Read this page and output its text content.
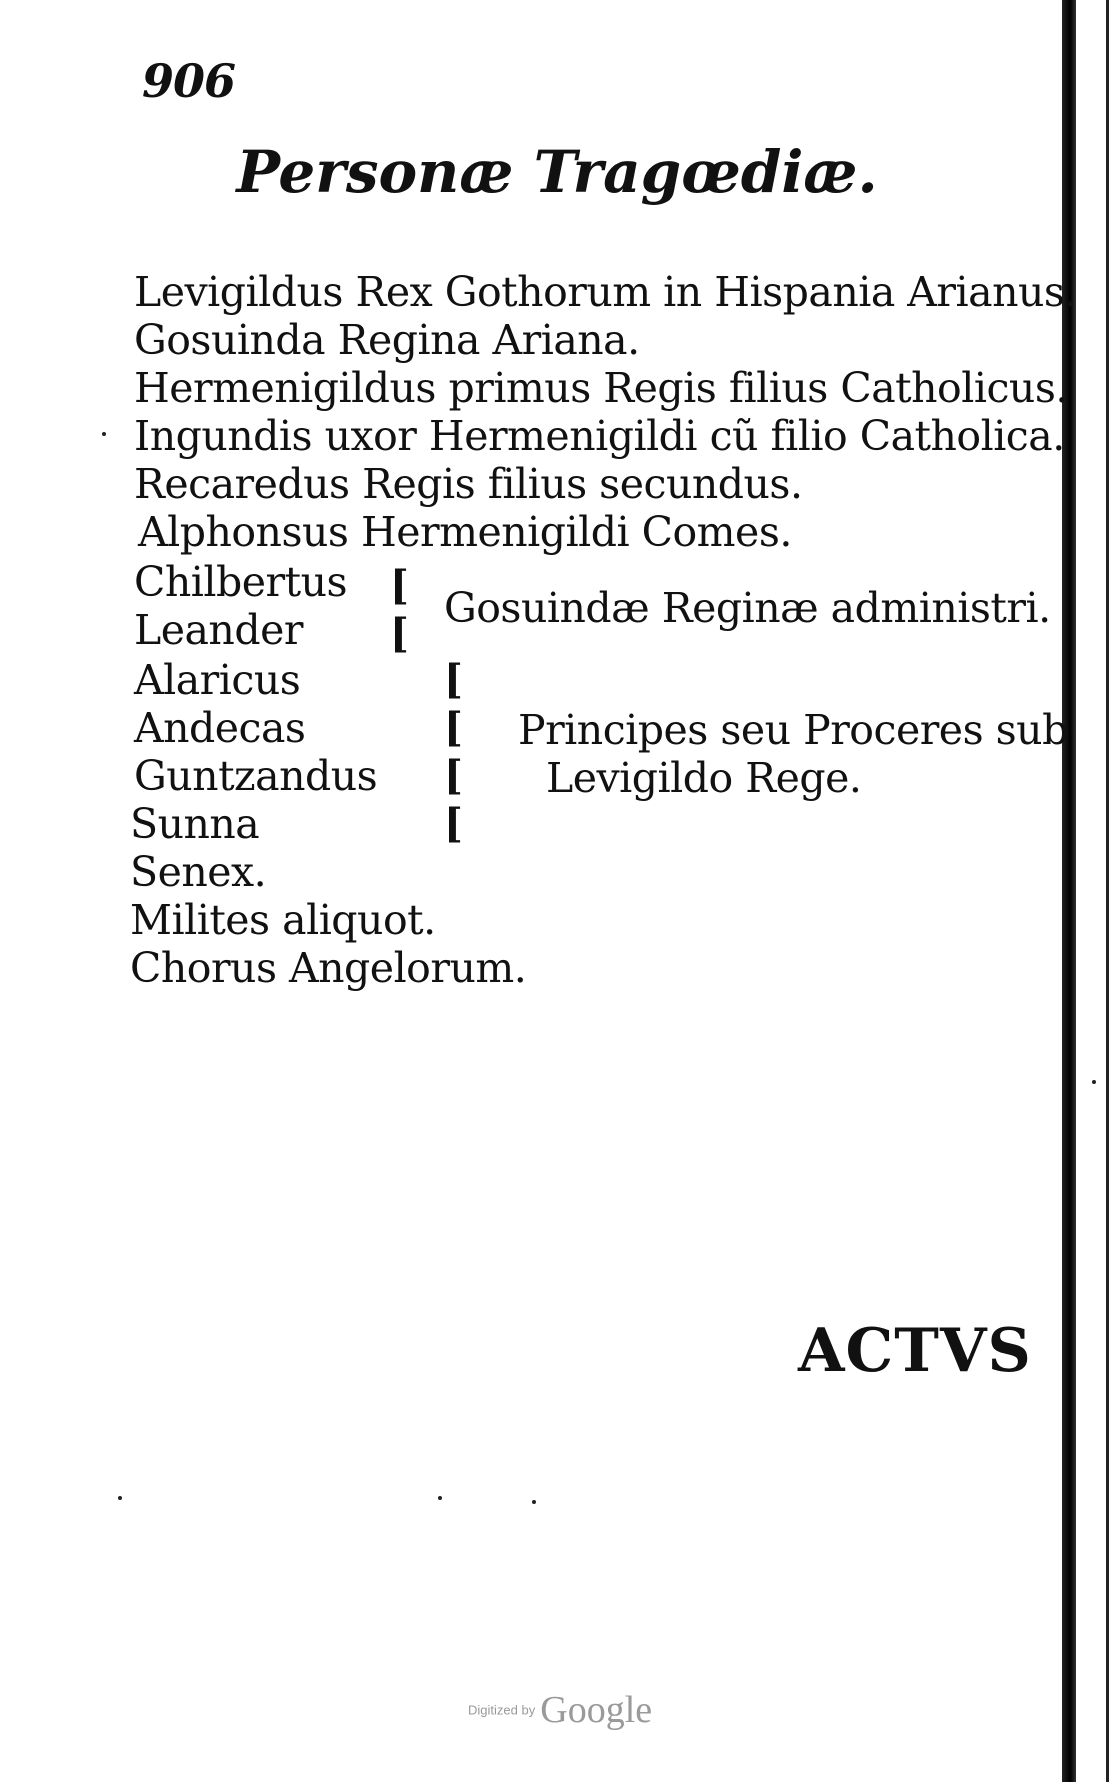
906
Personæ Tragœdiæ.
Levigildus Rex Gothorum in Hispania Arianus.
Gosuinda Regina Ariana.
Hermenigildus primus Regis filius Catholicus.
Ingundis uxor Hermenigildi cũ filio Catholica.
Recaredus Regis filius secundus.
Alphonsus Hermenigildi Comes.
Chilbertus
Leander
[
[
Gosuindæ Reginæ administri.
Alaricus
Andecas
Guntzandus
Sunna
[
[
[
[
Principes seu Proceres sub
Levigildo Rege.
Senex.
Milites aliquot.
Chorus Angelorum.
ACTVS
Digitized by Google
